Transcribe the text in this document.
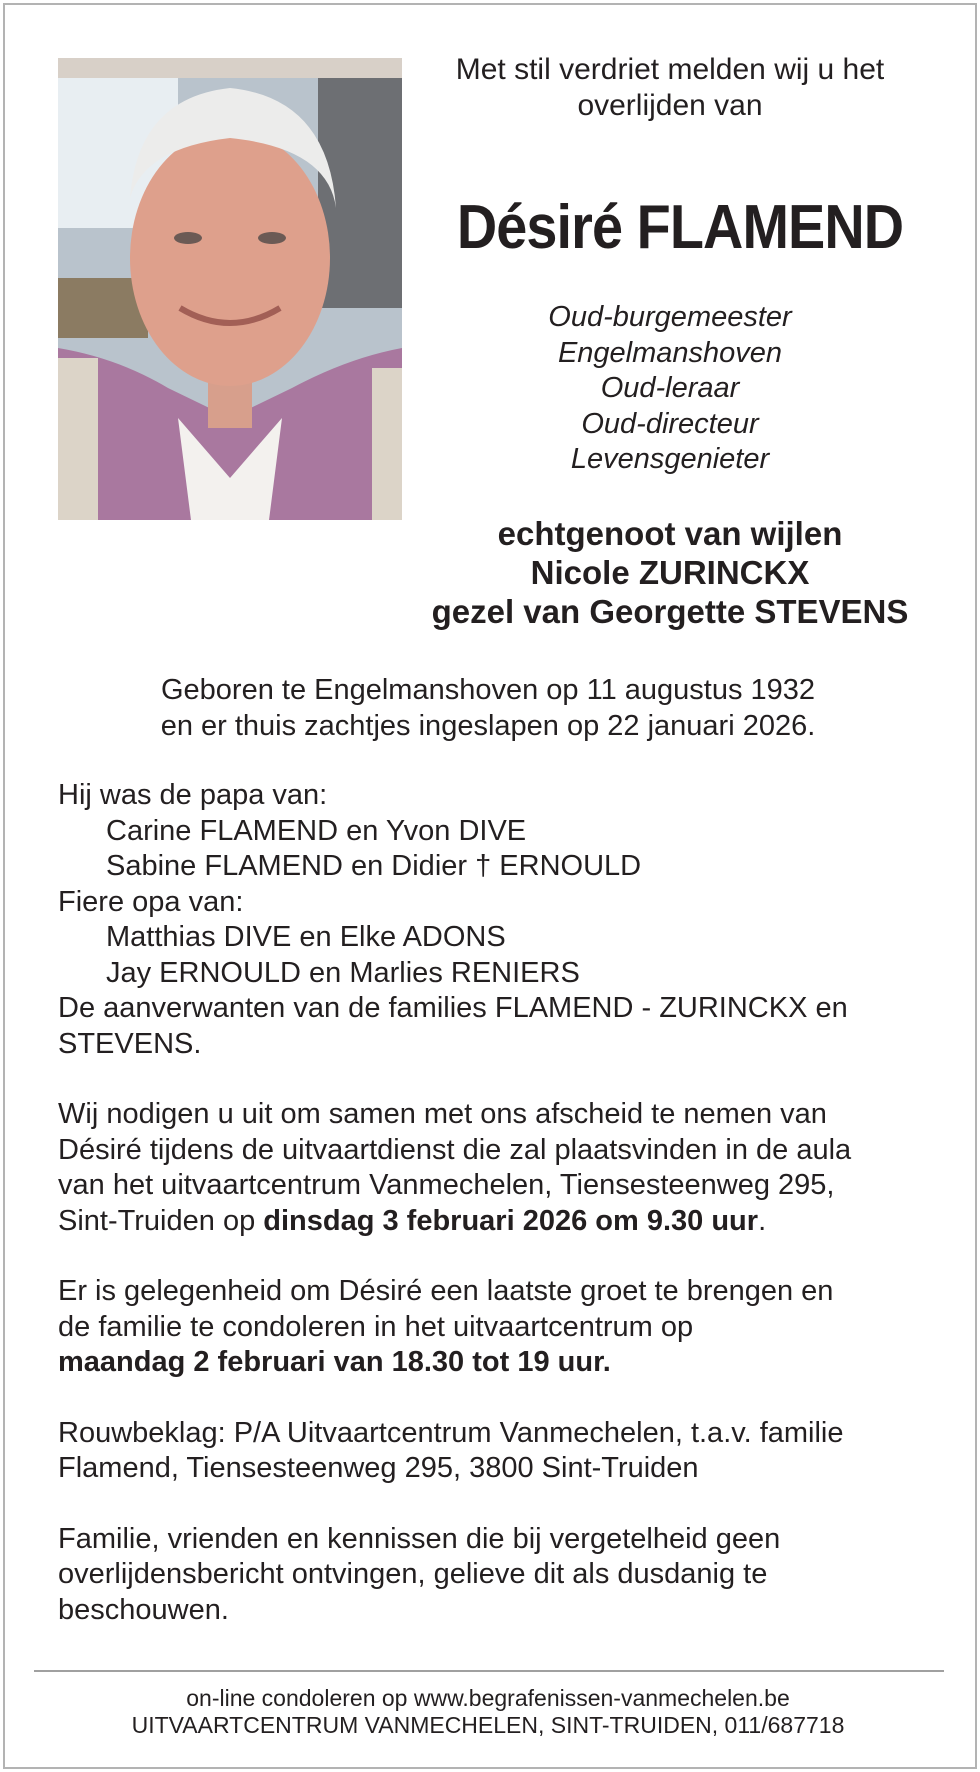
Met stil verdriet melden wij u het
overlijden van
Désiré FLAMEND
Oud-burgemeester
Engelmanshoven
Oud-leraar
Oud-directeur
Levensgenieter
echtgenoot van wijlen
Nicole ZURINCKX
gezel van Georgette STEVENS
Geboren te Engelmanshoven op 11 augustus 1932
en er thuis zachtjes ingeslapen op 22 januari 2026.

Hij was de papa van:

Carine FLAMEND en Yvon DIVE

Sabine FLAMEND en Didier † ERNOULD

Fiere opa van:

Matthias DIVE en Elke ADONS

Jay ERNOULD en Marlies RENIERS

De aanverwanten van de families FLAMEND - ZURINCKX en

STEVENS.

Wij nodigen u uit om samen met ons afscheid te nemen van

Désiré tijdens de uitvaartdienst die zal plaatsvinden in de aula

van het uitvaartcentrum Vanmechelen, Tiensesteenweg 295,

Sint-Truiden op dinsdag 3 februari 2026 om 9.30 uur.

Er is gelegenheid om Désiré een laatste groet te brengen en

de familie te condoleren in het uitvaartcentrum op

maandag 2 februari van 18.30 tot 19 uur.

Rouwbeklag: P/A Uitvaartcentrum Vanmechelen, t.a.v. familie

Flamend, Tiensesteenweg 295, 3800 Sint-Truiden

Familie, vrienden en kennissen die bij vergetelheid geen

overlijdensbericht ontvingen, gelieve dit als dusdanig te

beschouwen.

on-line condoleren op www.begrafenissen-vanmechelen.be
UITVAARTCENTRUM VANMECHELEN, SINT-TRUIDEN, 011/687718
